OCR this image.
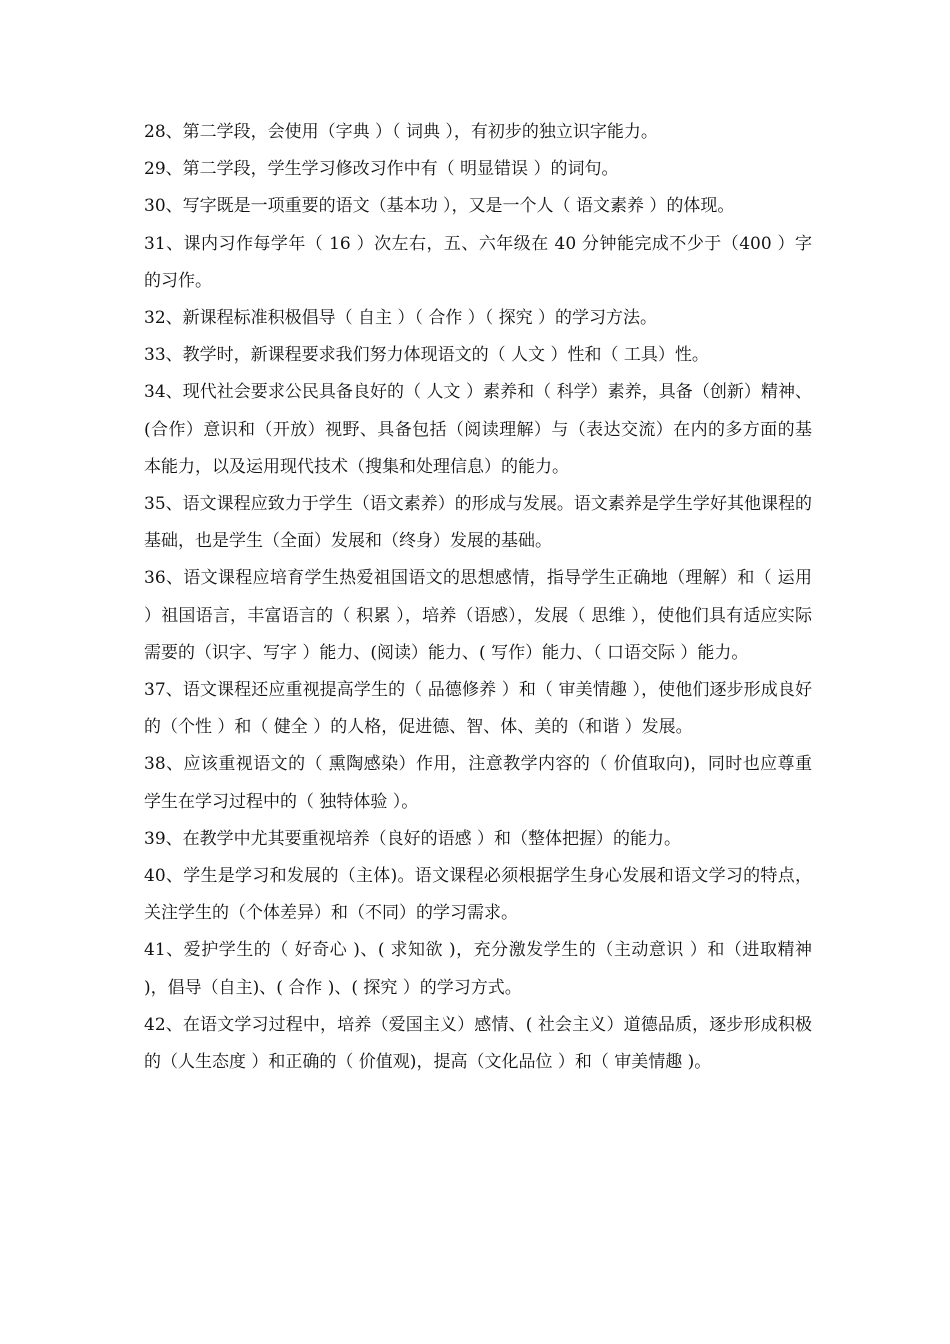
28、第二学段，会使用（字典 ）（ 词典 ），有初步的独立识字能力。

29、第二学段，学生学习修改习作中有（ 明显错误 ）的词句。

30、写字既是一项重要的语文（基本功 ），又是一个人（ 语文素养 ）的体现。

31、课内习作每学年（ 16 ）次左右，五、六年级在 40 分钟能完成不少于（400 ）字的习作。

32、新课程标准积极倡导（ 自主 ）（ 合作 ）（ 探究 ）的学习方法。

33、教学时，新课程要求我们努力体现语文的（ 人文 ）性和（ 工具）性。

34、现代社会要求公民具备良好的（ 人文 ）素养和（ 科学）素养，具备（创新）精神、(合作）意识和（开放）视野、具备包括（阅读理解）与（表达交流）在内的多方面的基本能力，以及运用现代技术（搜集和处理信息）的能力。

35、语文课程应致力于学生（语文素养）的形成与发展。语文素养是学生学好其他课程的基础，也是学生（全面）发展和（终身）发展的基础。

36、语文课程应培育学生热爱祖国语文的思想感情，指导学生正确地（理解）和（ 运用 ）祖国语言，丰富语言的（ 积累 ），培养（语感），发展（ 思维 ），使他们具有适应实际需要的（识字、写字 ）能力、(阅读）能力、( 写作）能力、（ 口语交际 ）能力。

37、语文课程还应重视提高学生的（ 品德修养 ）和（ 审美情趣 ），使他们逐步形成良好的（个性 ）和（ 健全 ）的人格，促进德、智、体、美的（和谐 ）发展。

38、应该重视语文的（ 熏陶感染）作用，注意教学内容的（ 价值取向)，同时也应尊重学生在学习过程中的（ 独特体验 ）。

39、在教学中尤其要重视培养（良好的语感 ）和（整体把握）的能力。

40、学生是学习和发展的（主体)。语文课程必须根据学生身心发展和语文学习的特点，关注学生的（个体差异）和（不同）的学习需求。

41、爱护学生的（ 好奇心 )、( 求知欲 )，充分激发学生的（主动意识 ）和（进取精神 )，倡导（自主)、( 合作 )、( 探究 ）的学习方式。

42、在语文学习过程中，培养（爱国主义）感情、( 社会主义）道德品质，逐步形成积极的（人生态度 ）和正确的（ 价值观)，提高（文化品位 ）和（ 审美情趣 )。
